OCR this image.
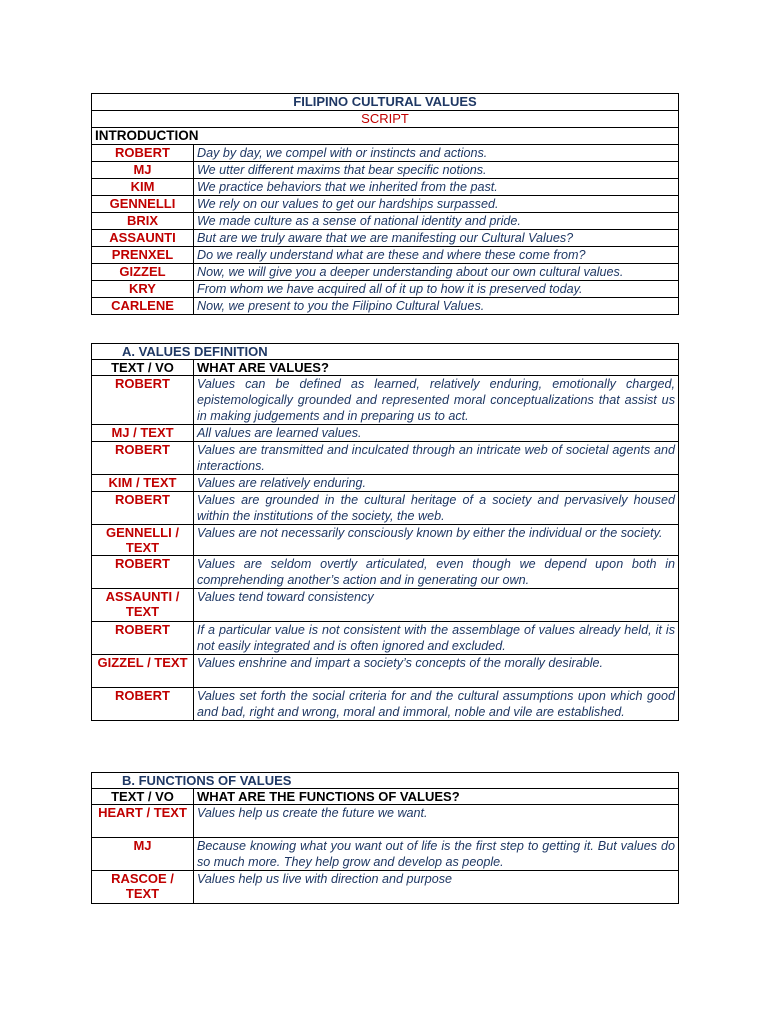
FILIPINO CULTURAL VALUES	
SCRIPT	
INTRODUCTION	
ROBERT	Day by day, we compel with or instincts and actions.
MJ	We utter different maxims that bear specific notions.
KIM	We practice behaviors that we inherited from the past.
GENNELLI	We rely on our values to get our hardships surpassed.
BRIX	We made culture as a sense of national identity and pride.
ASSAUNTI	But are we truly aware that we are manifesting our Cultural Values?
PRENXEL	Do we really understand what are these and where these come from?
GIZZEL	Now, we will give you a deeper understanding about our own cultural values.
KRY	From whom we have acquired all of it up to how it is preserved today.
CARLENE	Now, we present to you the Filipino Cultural Values.
A. VALUES DEFINITION	
TEXT / VO	WHAT ARE VALUES?
ROBERT	Values can be defined as learned, relatively enduring, emotionally charged, epistemologically grounded and represented moral conceptualizations that assist us in making judgements and in preparing us to act.
MJ / TEXT	All values are learned values.
ROBERT	Values are transmitted and inculcated through an intricate web of societal agents and interactions.
KIM / TEXT	Values are relatively enduring.
ROBERT	Values are grounded in the cultural heritage of a society and pervasively housed within the institutions of the society, the web.
GENNELLI / TEXT	Values are not necessarily consciously known by either the individual or the society.
ROBERT	Values are seldom overtly articulated, even though we depend upon both in comprehending another’s action and in generating our own.
ASSAUNTI / TEXT	Values tend toward consistency
ROBERT	If a particular value is not consistent with the assemblage of values already held, it is not easily integrated and is often ignored and excluded.
GIZZEL / TEXT	Values enshrine and impart a society’s concepts of the morally desirable.
ROBERT	Values set forth the social criteria for and the cultural assumptions upon which good and bad, right and wrong, moral and immoral, noble and vile are established.
B. FUNCTIONS OF VALUES	
TEXT / VO	WHAT ARE THE FUNCTIONS OF VALUES?
HEART / TEXT	Values help us create the future we want.
MJ	Because knowing what you want out of life is the first step to getting it. But values do so much more. They help grow and develop as people.
RASCOE / TEXT	Values help us live with direction and purpose
